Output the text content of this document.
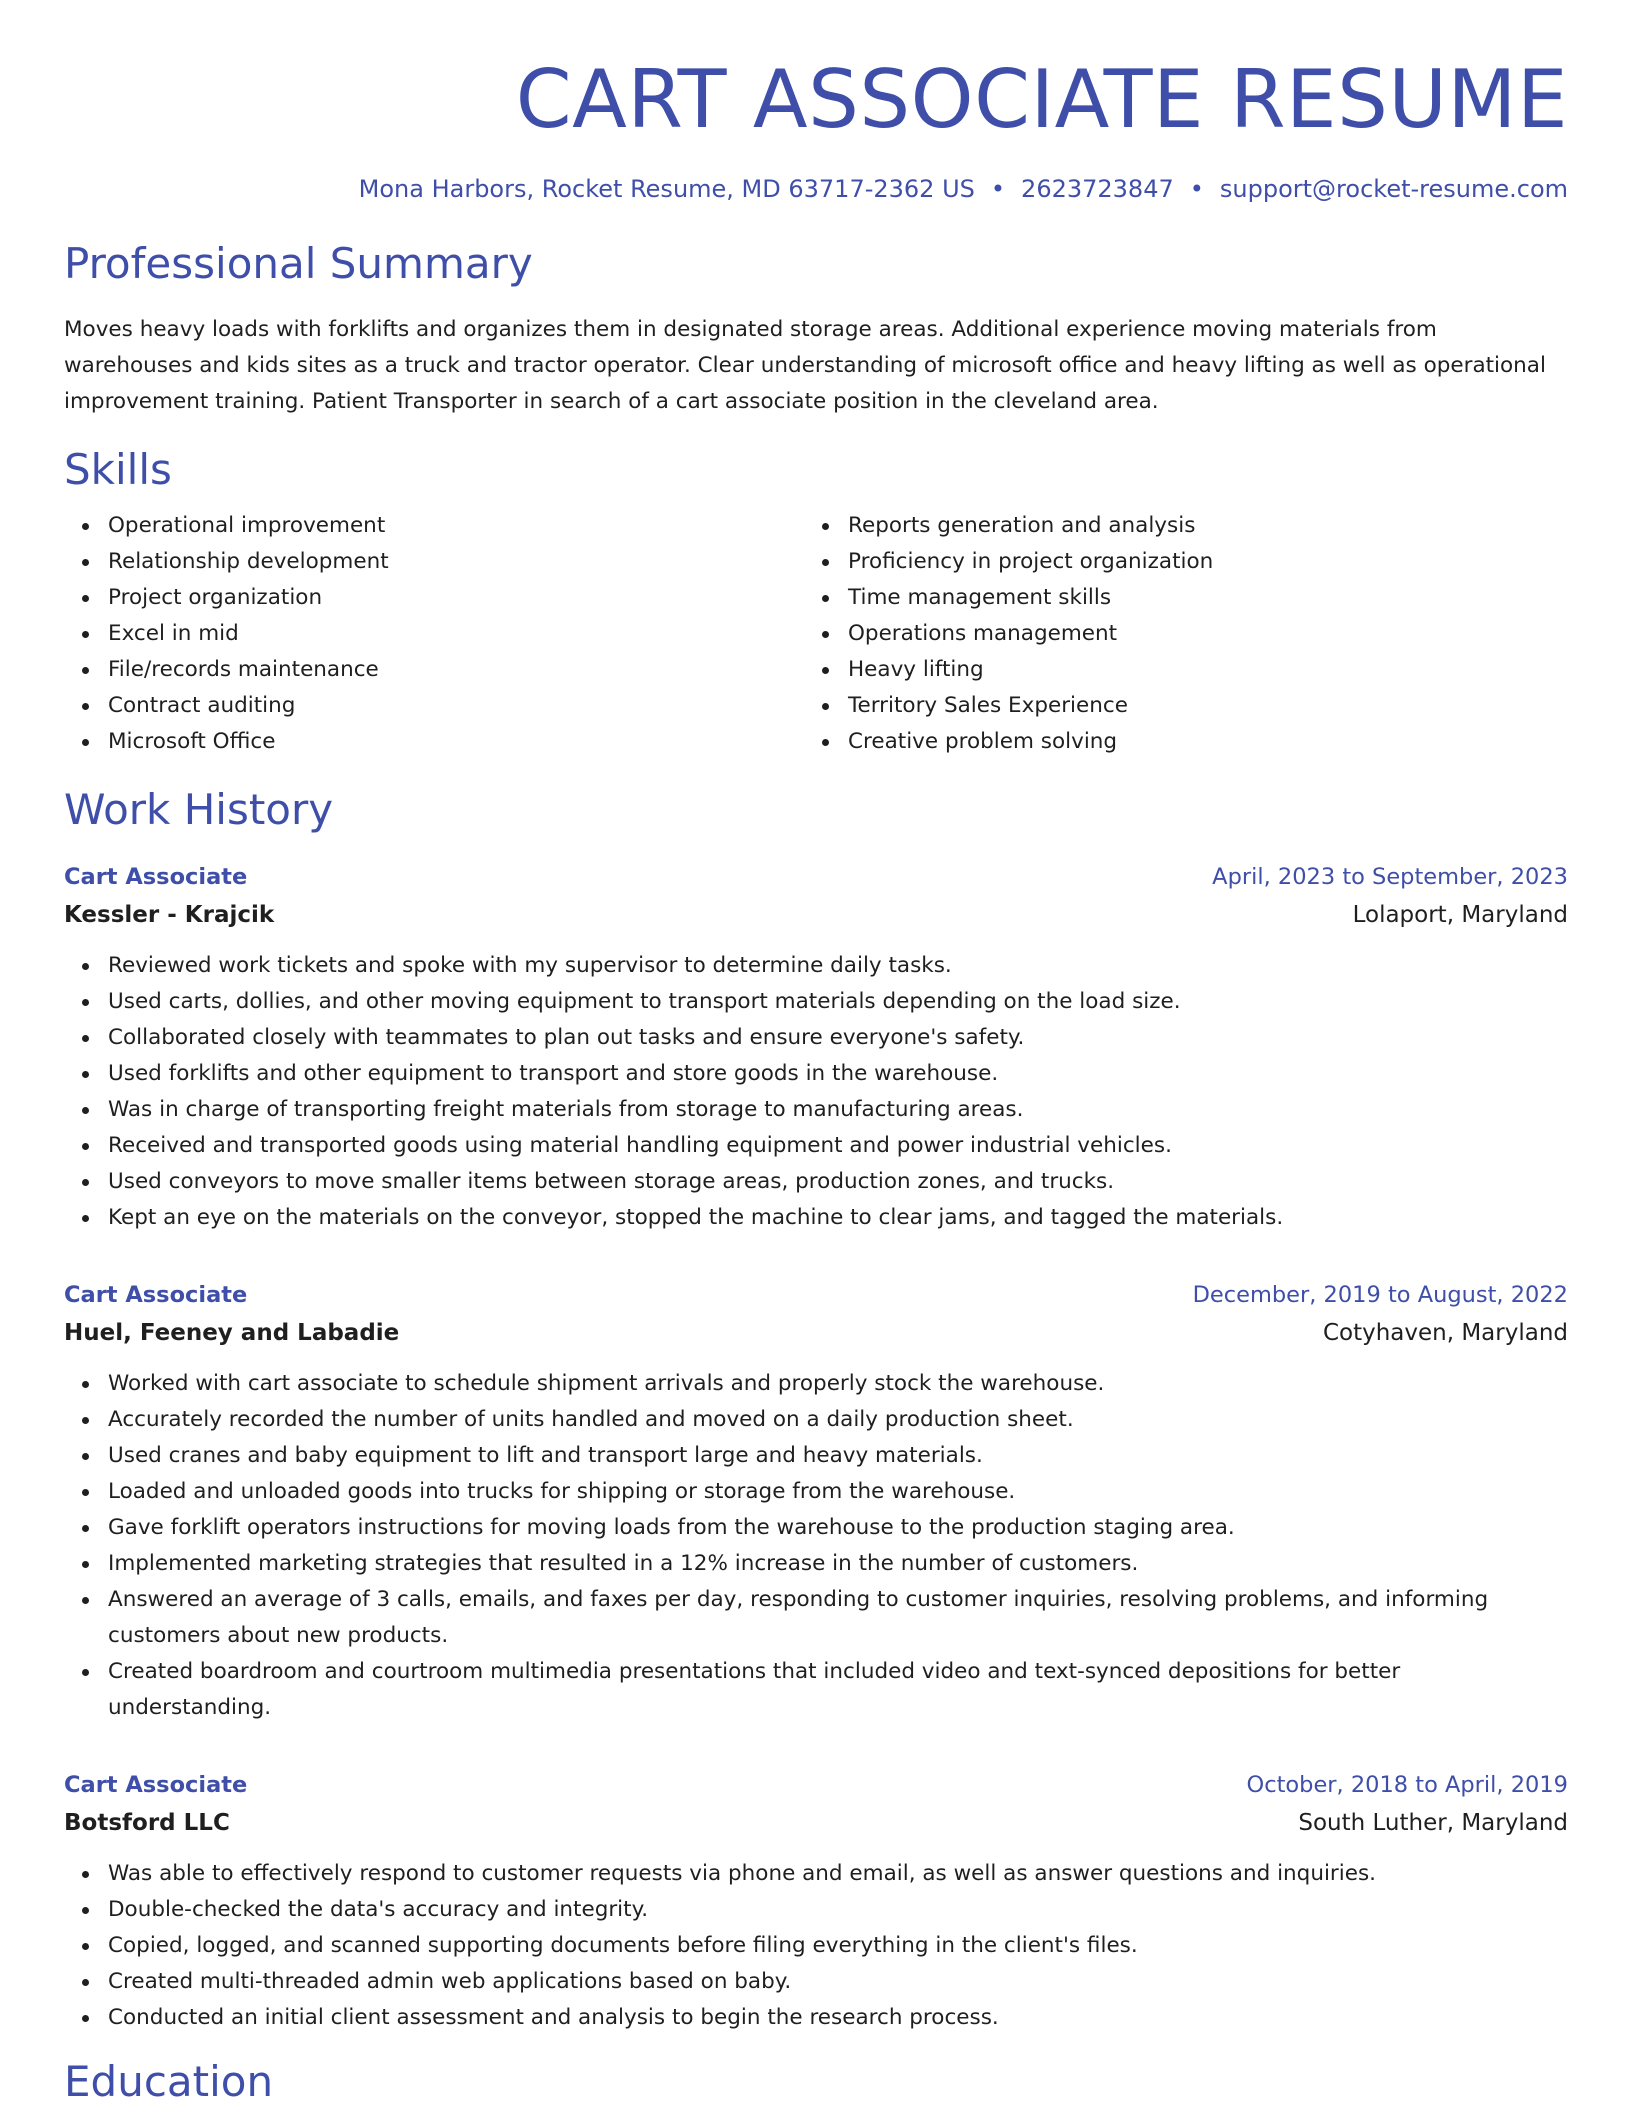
CART ASSOCIATE RESUME
Mona Harbors, Rocket Resume, MD 63717-2362 US • 2623723847 • support@rocket-resume.com
Professional Summary

Moves heavy loads with forklifts and organizes them in designated storage areas. Additional experience moving materials from warehouses and kids sites as a truck and tractor operator. Clear understanding of microsoft office and heavy lifting as well as operational improvement training. Patient Transporter in search of a cart associate position in the cleveland area.

Skills
Operational improvement
Relationship development
Project organization
Excel in mid
File/records maintenance
Contract auditing
Microsoft Office
Reports generation and analysis
Proficiency in project organization
Time management skills
Operations management
Heavy lifting
Territory Sales Experience
Creative problem solving
Work History
Cart Associate	April, 2023 to September, 2023
Kessler - Krajcik	Lolaport, Maryland
Reviewed work tickets and spoke with my supervisor to determine daily tasks.
Used carts, dollies, and other moving equipment to transport materials depending on the load size.
Collaborated closely with teammates to plan out tasks and ensure everyone's safety.
Used forklifts and other equipment to transport and store goods in the warehouse.
Was in charge of transporting freight materials from storage to manufacturing areas.
Received and transported goods using material handling equipment and power industrial vehicles.
Used conveyors to move smaller items between storage areas, production zones, and trucks.
Kept an eye on the materials on the conveyor, stopped the machine to clear jams, and tagged the materials.
Cart Associate	December, 2019 to August, 2022
Huel, Feeney and Labadie	Cotyhaven, Maryland
Worked with cart associate to schedule shipment arrivals and properly stock the warehouse.
Accurately recorded the number of units handled and moved on a daily production sheet.
Used cranes and baby equipment to lift and transport large and heavy materials.
Loaded and unloaded goods into trucks for shipping or storage from the warehouse.
Gave forklift operators instructions for moving loads from the warehouse to the production staging area.
Implemented marketing strategies that resulted in a 12% increase in the number of customers.
Answered an average of 3 calls, emails, and faxes per day, responding to customer inquiries, resolving problems, and informing customers about new products.
Created boardroom and courtroom multimedia presentations that included video and text-synced depositions for better understanding.
Cart Associate	October, 2018 to April, 2019
Botsford LLC	South Luther, Maryland
Was able to effectively respond to customer requests via phone and email, as well as answer questions and inquiries.
Double-checked the data's accuracy and integrity.
Copied, logged, and scanned supporting documents before filing everything in the client's files.
Created multi-threaded admin web applications based on baby.
Conducted an initial client assessment and analysis to begin the research process.
Education
